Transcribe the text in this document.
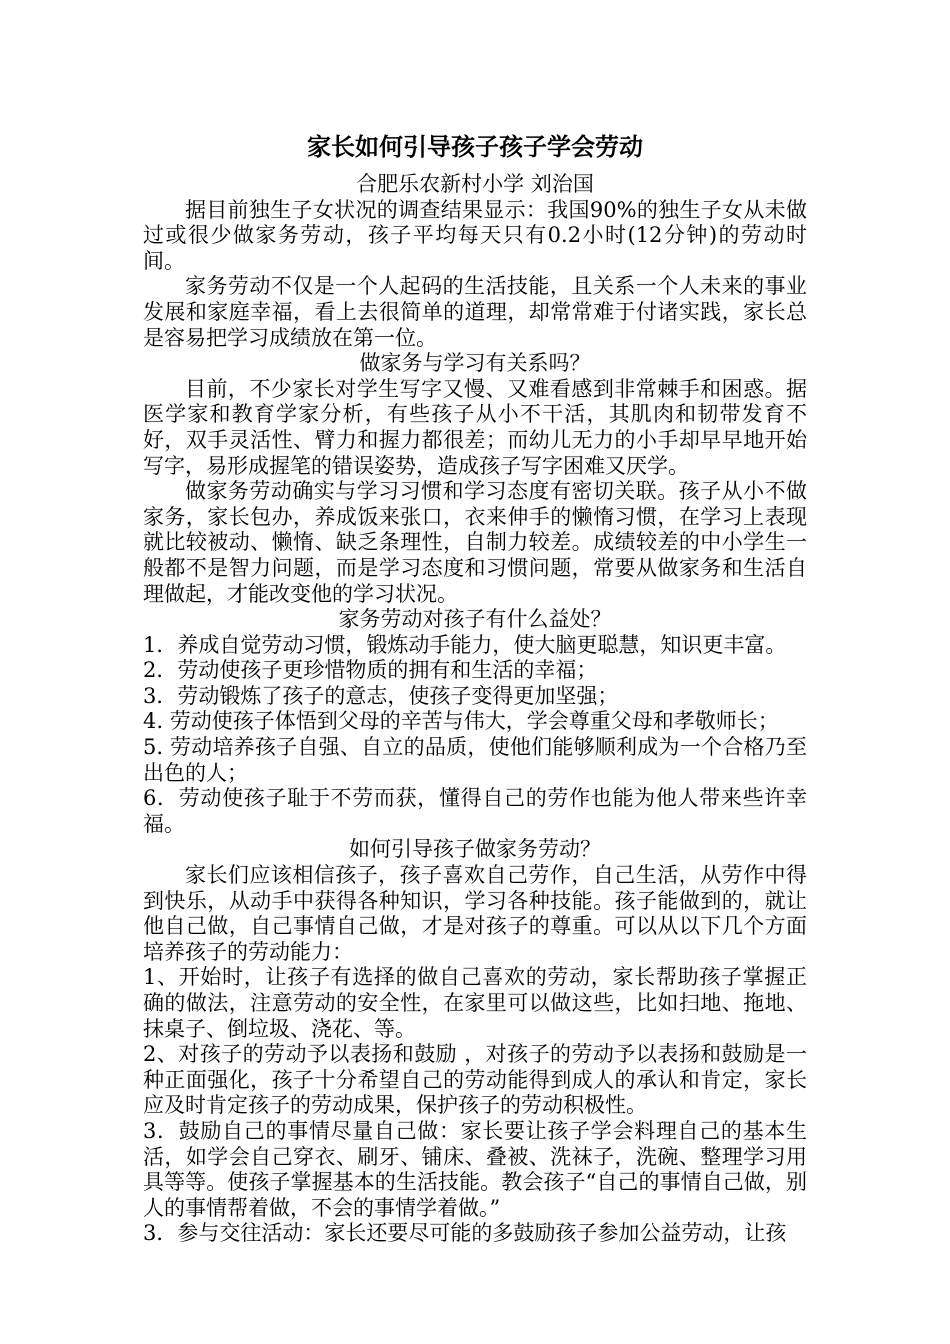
家长如何引导孩子孩子学会劳动

合肥乐农新村小学 刘治国

据目前独生子女状况的调查结果显示：我国90%的独生子女从未做过或很少做家务劳动，孩子平均每天只有0.2小时(12分钟)的劳动时间。

家务劳动不仅是一个人起码的生活技能，且关系一个人未来的事业发展和家庭幸福，看上去很简单的道理，却常常难于付诸实践，家长总是容易把学习成绩放在第一位。

做家务与学习有关系吗？

目前，不少家长对学生写字又慢、又难看感到非常棘手和困惑。据医学家和教育学家分析，有些孩子从小不干活，其肌肉和韧带发育不好，双手灵活性、臂力和握力都很差；而幼儿无力的小手却早早地开始写字，易形成握笔的错误姿势，造成孩子写字困难又厌学。

做家务劳动确实与学习习惯和学习态度有密切关联。孩子从小不做家务，家长包办，养成饭来张口，衣来伸手的懒惰习惯，在学习上表现就比较被动、懒惰、缺乏条理性，自制力较差。成绩较差的中小学生一般都不是智力问题，而是学习态度和习惯问题，常要从做家务和生活自理做起，才能改变他的学习状况。

家务劳动对孩子有什么益处？

1．养成自觉劳动习惯，锻炼动手能力，使大脑更聪慧，知识更丰富。

2．劳动使孩子更珍惜物质的拥有和生活的幸福；

3．劳动锻炼了孩子的意志，使孩子变得更加坚强；

4. 劳动使孩子体悟到父母的辛苦与伟大，学会尊重父母和孝敬师长；

5. 劳动培养孩子自强、自立的品质，使他们能够顺利成为一个合格乃至出色的人；

6．劳动使孩子耻于不劳而获，懂得自己的劳作也能为他人带来些许幸福。

如何引导孩子做家务劳动？

家长们应该相信孩子，孩子喜欢自己劳作，自己生活，从劳作中得到快乐，从动手中获得各种知识，学习各种技能。孩子能做到的，就让他自己做，自己事情自己做，才是对孩子的尊重。可以从以下几个方面培养孩子的劳动能力：

1、开始时，让孩子有选择的做自己喜欢的劳动，家长帮助孩子掌握正确的做法，注意劳动的安全性，在家里可以做这些，比如扫地、拖地、抹桌子、倒垃圾、浇花、等。

2、对孩子的劳动予以表扬和鼓励 ，对孩子的劳动予以表扬和鼓励是一种正面强化，孩子十分希望自己的劳动能得到成人的承认和肯定，家长应及时肯定孩子的劳动成果，保护孩子的劳动积极性。

3．鼓励自己的事情尽量自己做：家长要让孩子学会料理自己的基本生活，如学会自己穿衣、刷牙、铺床、叠被、洗袜子，洗碗、整理学习用具等等。使孩子掌握基本的生活技能。教会孩子“自己的事情自己做，别人的事情帮着做，不会的事情学着做。”

3．参与交往活动：家长还要尽可能的多鼓励孩子参加公益劳动，让孩
